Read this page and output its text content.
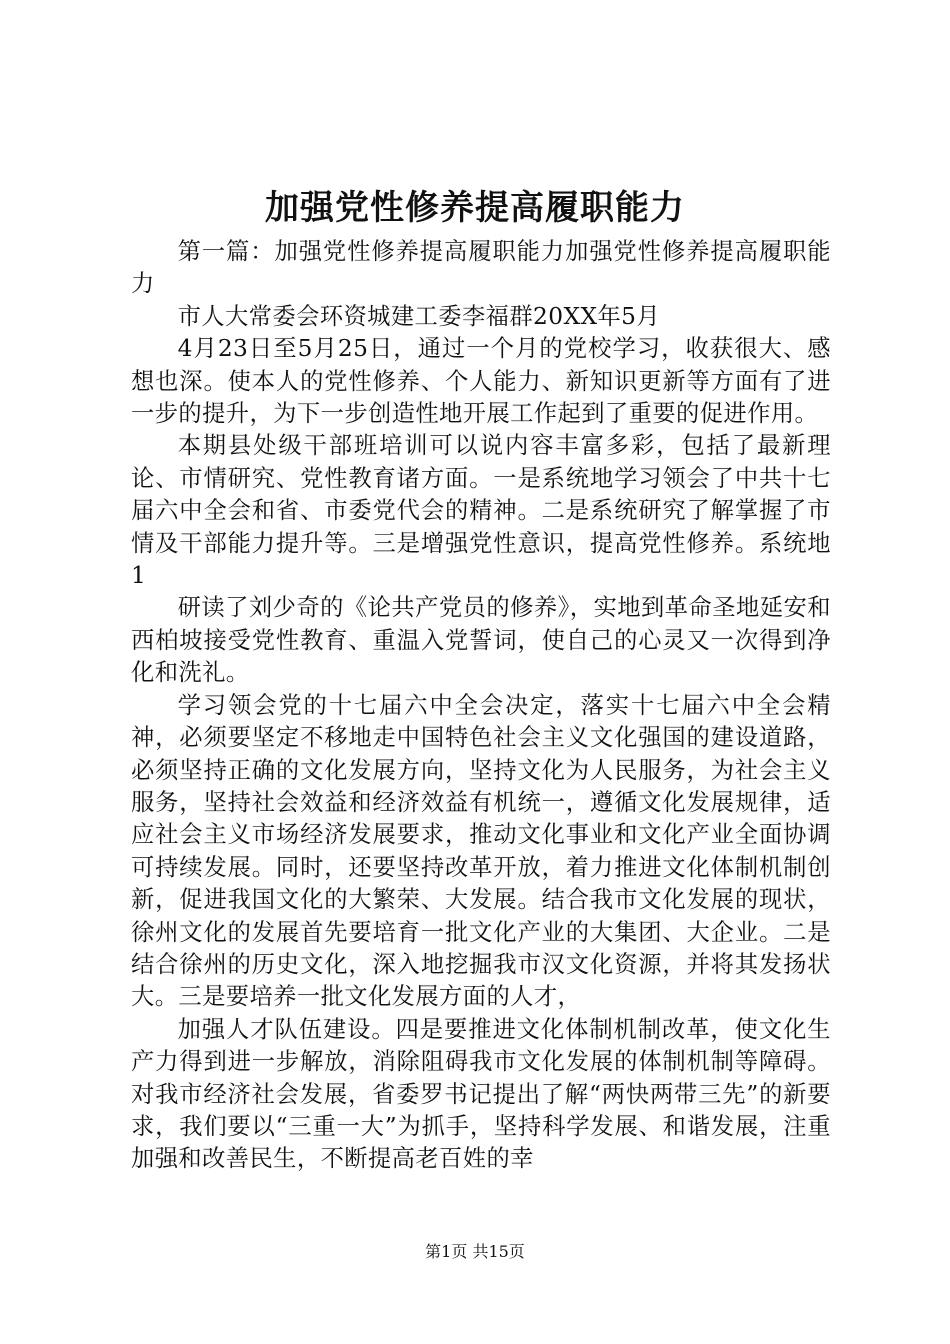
加强党性修养提高履职能力

第一篇：加强党性修养提高履职能力加强党性修养提高履职能力

市人大常委会环资城建工委李福群20XX年5月

4月23日至5月25日，通过一个月的党校学习，收获很大、感想也深。使本人的党性修养、个人能力、新知识更新等方面有了进一步的提升，为下一步创造性地开展工作起到了重要的促进作用。

本期县处级干部班培训可以说内容丰富多彩，包括了最新理论、市情研究、党性教育诸方面。一是系统地学习领会了中共十七届六中全会和省、市委党代会的精神。二是系统研究了解掌握了市情及干部能力提升等。三是增强党性意识，提高党性修养。系统地1

研读了刘少奇的《论共产党员的修养》，实地到革命圣地延安和西柏坡接受党性教育、重温入党誓词，使自己的心灵又一次得到净化和洗礼。

学习领会党的十七届六中全会决定，落实十七届六中全会精神，必须要坚定不移地走中国特色社会主义文化强国的建设道路，必须坚持正确的文化发展方向，坚持文化为人民服务，为社会主义服务，坚持社会效益和经济效益有机统一，遵循文化发展规律，适应社会主义市场经济发展要求，推动文化事业和文化产业全面协调可持续发展。同时，还要坚持改革开放，着力推进文化体制机制创新，促进我国文化的大繁荣、大发展。结合我市文化发展的现状，徐州文化的发展首先要培育一批文化产业的大集团、大企业。二是结合徐州的历史文化，深入地挖掘我市汉文化资源，并将其发扬状大。三是要培养一批文化发展方面的人才，

加强人才队伍建设。四是要推进文化体制机制改革，使文化生产力得到进一步解放，消除阻碍我市文化发展的体制机制等障碍。对我市经济社会发展，省委罗书记提出了解“两快两带三先”的新要求，我们要以“三重一大”为抓手，坚持科学发展、和谐发展，注重加强和改善民生，不断提高老百姓的幸

第1页 共15页
